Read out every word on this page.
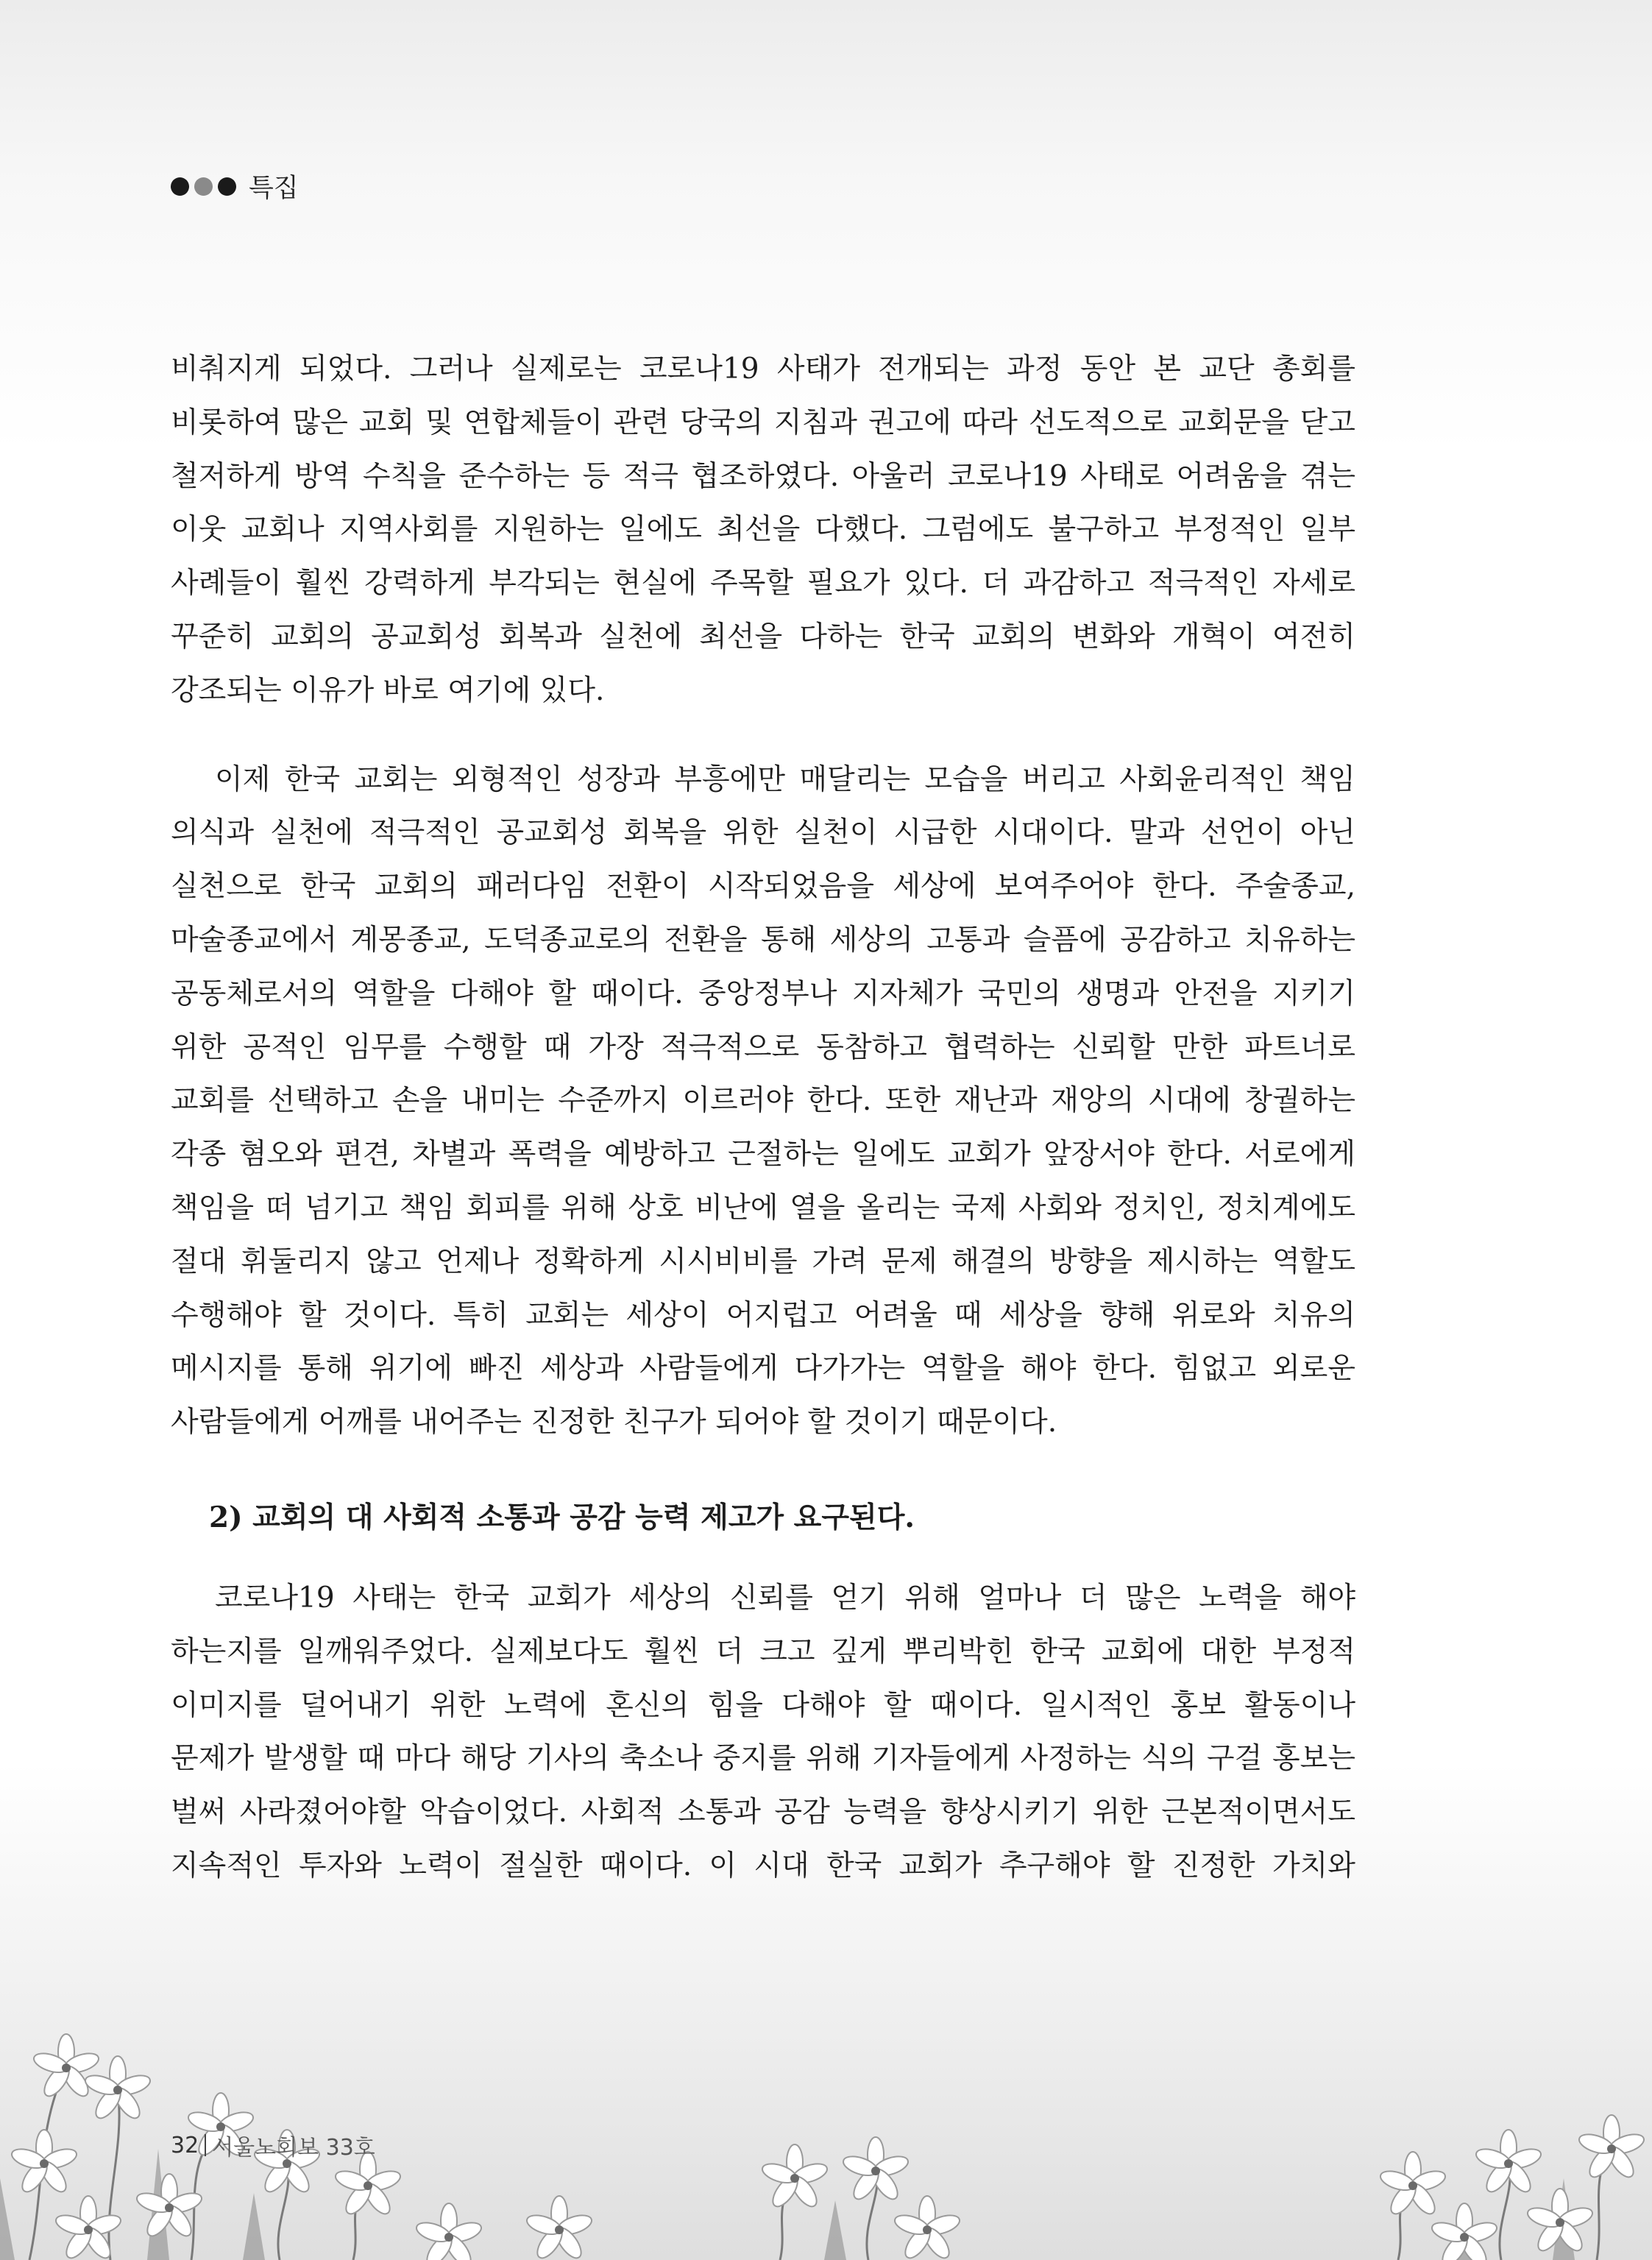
특집

비춰지게 되었다. 그러나 실제로는 코로나19 사태가 전개되는 과정 동안 본 교단 총회를
비롯하여 많은 교회 및 연합체들이 관련 당국의 지침과 권고에 따라 선도적으로 교회문을 닫고
철저하게 방역 수칙을 준수하는 등 적극 협조하였다. 아울러 코로나19 사태로 어려움을 겪는
이웃 교회나 지역사회를 지원하는 일에도 최선을 다했다. 그럼에도 불구하고 부정적인 일부
사례들이 훨씬 강력하게 부각되는 현실에 주목할 필요가 있다. 더 과감하고 적극적인 자세로
꾸준히 교회의 공교회성 회복과 실천에 최선을 다하는 한국 교회의 변화와 개혁이 여전히
강조되는 이유가 바로 여기에 있다.

이제 한국 교회는 외형적인 성장과 부흥에만 매달리는 모습을 버리고 사회윤리적인 책임
의식과 실천에 적극적인 공교회성 회복을 위한 실천이 시급한 시대이다. 말과 선언이 아닌
실천으로 한국 교회의 패러다임 전환이 시작되었음을 세상에 보여주어야 한다. 주술종교,
마술종교에서 계몽종교, 도덕종교로의 전환을 통해 세상의 고통과 슬픔에 공감하고 치유하는
공동체로서의 역할을 다해야 할 때이다. 중앙정부나 지자체가 국민의 생명과 안전을 지키기
위한 공적인 임무를 수행할 때 가장 적극적으로 동참하고 협력하는 신뢰할 만한 파트너로
교회를 선택하고 손을 내미는 수준까지 이르러야 한다. 또한 재난과 재앙의 시대에 창궐하는
각종 혐오와 편견, 차별과 폭력을 예방하고 근절하는 일에도 교회가 앞장서야 한다. 서로에게
책임을 떠 넘기고 책임 회피를 위해 상호 비난에 열을 올리는 국제 사회와 정치인, 정치계에도
절대 휘둘리지 않고 언제나 정확하게 시시비비를 가려 문제 해결의 방향을 제시하는 역할도
수행해야 할 것이다. 특히 교회는 세상이 어지럽고 어려울 때 세상을 향해 위로와 치유의
메시지를 통해 위기에 빠진 세상과 사람들에게 다가가는 역할을 해야 한다. 힘없고 외로운
사람들에게 어깨를 내어주는 진정한 친구가 되어야 할 것이기 때문이다.

2) 교회의 대 사회적 소통과 공감 능력 제고가 요구된다.

코로나19 사태는 한국 교회가 세상의 신뢰를 얻기 위해 얼마나 더 많은 노력을 해야
하는지를 일깨워주었다. 실제보다도 훨씬 더 크고 깊게 뿌리박힌 한국 교회에 대한 부정적
이미지를 덜어내기 위한 노력에 혼신의 힘을 다해야 할 때이다. 일시적인 홍보 활동이나
문제가 발생할 때 마다 해당 기사의 축소나 중지를 위해 기자들에게 사정하는 식의 구걸 홍보는
벌써 사라졌어야할 악습이었다. 사회적 소통과 공감 능력을 향상시키기 위한 근본적이면서도
지속적인 투자와 노력이 절실한 때이다. 이 시대 한국 교회가 추구해야 할 진정한 가치와

32 서울노회보 33호
